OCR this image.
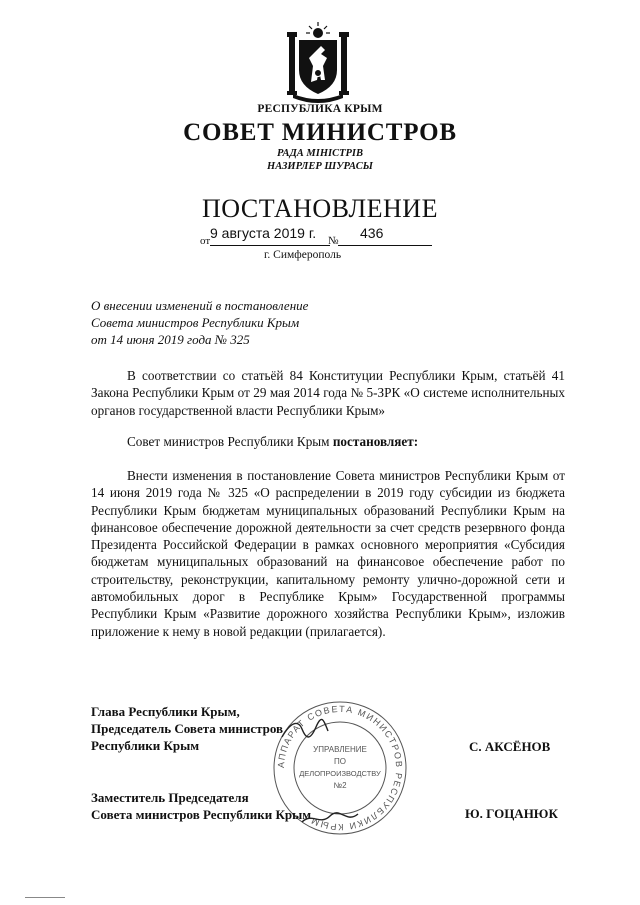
РЕСПУБЛИКА КРЫМ
СОВЕТ МИНИСТРОВ
РАДА МІНІСТРІВ
НАЗИРЛЕР ШУРАСЫ
ПОСТАНОВЛЕНИЕ
от 9 августа 2019 г. № 436
г. Симферополь
О внесении изменений в постановление
Совета министров Республики Крым
от 14 июня 2019 года № 325

В соответствии со статьёй 84 Конституции Республики Крым, статьёй 41 Закона Республики Крым от 29 мая 2014 года № 5-ЗРК «О системе исполнительных органов государственной власти Республики Крым»

Совет министров Республики Крым постановляет:

Внести изменения в постановление Совета министров Республики Крым от 14 июня 2019 года № 325 «О распределении в 2019 году субсидии из бюджета Республики Крым бюджетам муниципальных образований Республики Крым на финансовое обеспечение дорожной деятельности за счет средств резервного фонда Президента Российской Федерации в рамках основного мероприятия «Субсидия бюджетам муниципальных образований на финансовое обеспечение работ по строительству, реконструкции, капитальному ремонту улично-дорожной сети и автомобильных дорог в Республике Крым» Государственной программы Республики Крым «Развитие дорожного хозяйства Республики Крым», изложив приложение к нему в новой редакции (прилагается).

АППАРАТ СОВЕТА МИНИСТРОВ РЕСПУБЛИКИ КРЫМ
УПРАВЛЕНИЕ
ПО
ДЕЛОПРОИЗВОДСТВУ
№2
Глава Республики Крым,
Председатель Совета министров
Республики Крым	С. АКСЁНОВ
Заместитель Председателя
Совета министров Республики Крым	Ю. ГОЦАНЮК
